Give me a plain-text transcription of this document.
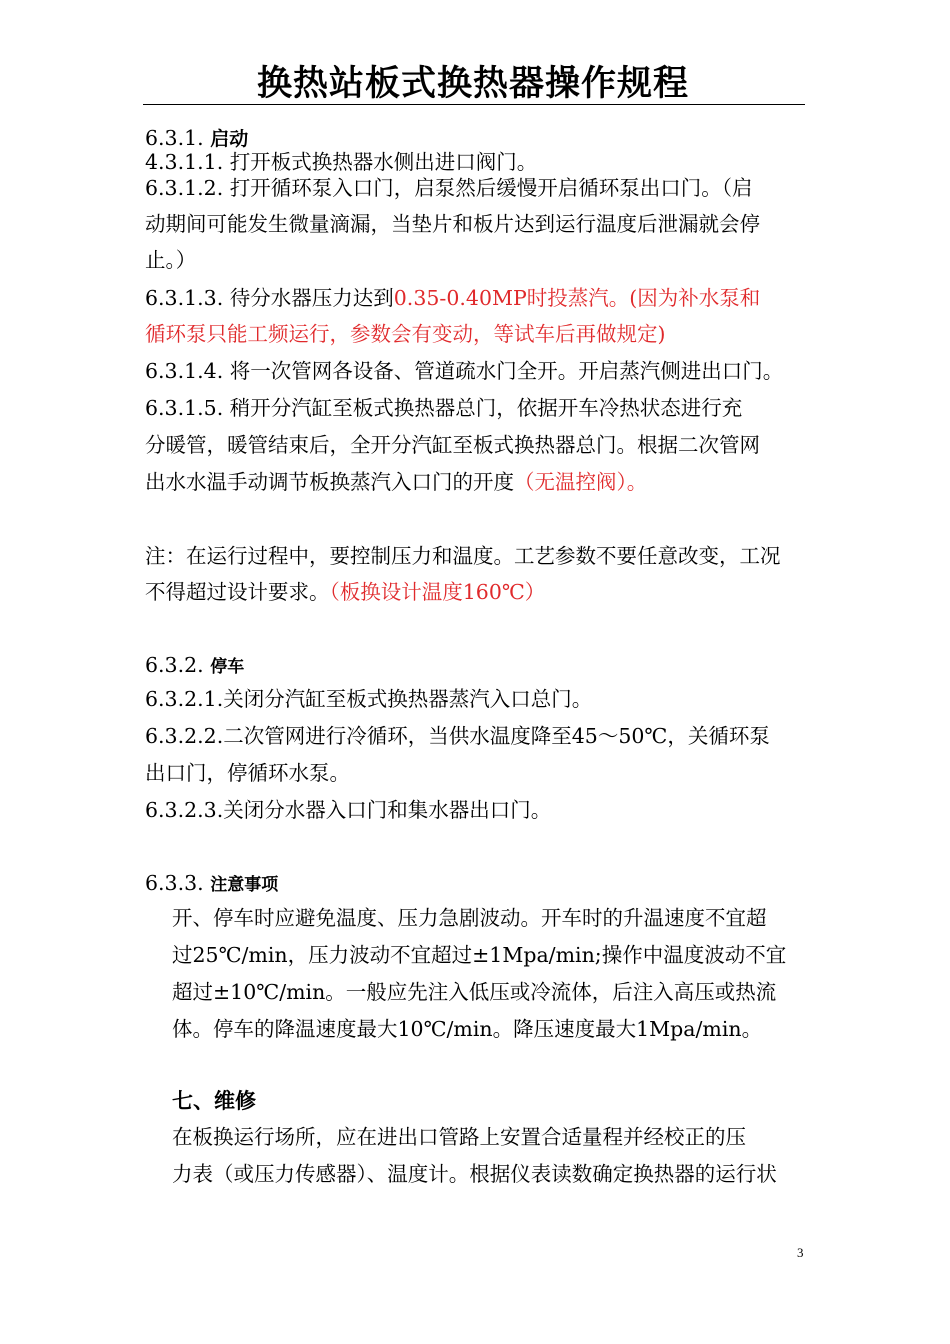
换热站板式换热器操作规程
6.3.1. 启动
4.3.1.1. 打开板式换热器水侧出进口阀门。
6.3.1.2. 打开循环泵入口门，启泵然后缓慢开启循环泵出口门。（启
动期间可能发生微量滴漏，当垫片和板片达到运行温度后泄漏就会停
止。）
6.3.1.3. 待分水器压力达到0.35-0.40MP时投蒸汽。(因为补水泵和
循环泵只能工频运行，参数会有变动，等试车后再做规定)
6.3.1.4. 将一次管网各设备、管道疏水门全开。开启蒸汽侧进出口门。
6.3.1.5. 稍开分汽缸至板式换热器总门，依据开车冷热状态进行充
分暖管，暖管结束后，全开分汽缸至板式换热器总门。根据二次管网
出水水温手动调节板换蒸汽入口门的开度（无温控阀）。
注：在运行过程中，要控制压力和温度。工艺参数不要任意改变，工况
不得超过设计要求。（板换设计温度160℃）
6.3.2. 停车
6.3.2.1.关闭分汽缸至板式换热器蒸汽入口总门。
6.3.2.2.二次管网进行冷循环，当供水温度降至45～50℃，关循环泵
出口门，停循环水泵。
6.3.2.3.关闭分水器入口门和集水器出口门。
6.3.3. 注意事项
开、停车时应避免温度、压力急剧波动。开车时的升温速度不宜超
过25℃/min，压力波动不宜超过±1Mpa/min;操作中温度波动不宜
超过±10℃/min。一般应先注入低压或冷流体，后注入高压或热流
体。停车的降温速度最大10℃/min。降压速度最大1Mpa/min。
七、维修
在板换运行场所，应在进出口管路上安置合适量程并经校正的压
力表（或压力传感器）、温度计。根据仪表读数确定换热器的运行状
3
